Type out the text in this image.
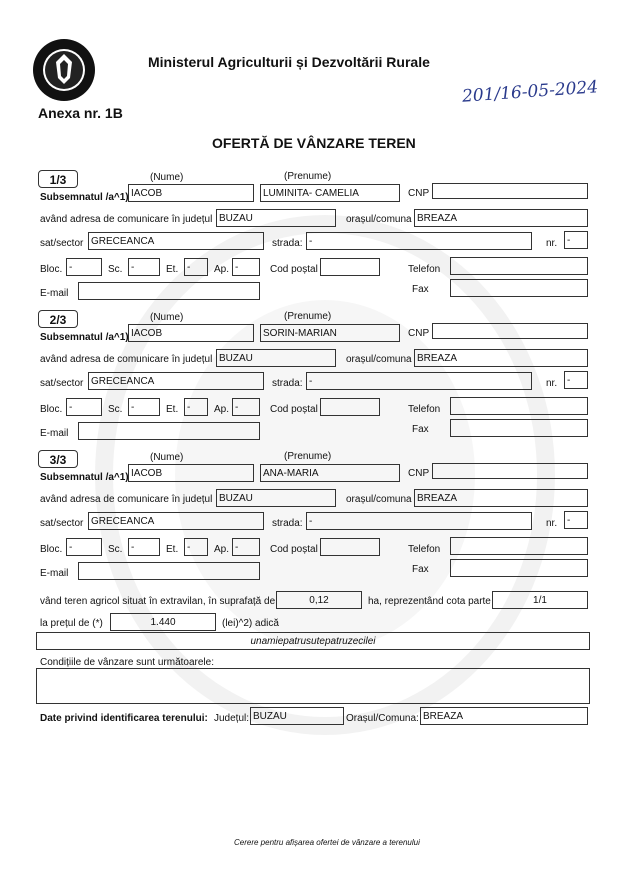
Ministerul Agriculturii și Dezvoltării Rurale
Anexa nr. 1B
201/16-05-2024
OFERTĂ DE VÂNZARE TEREN
1/3	(Nume)	(Prenume)
Subsemnatul /a^1) IACOB	LUMINITA- CAMELIA	CNP
având adresa de comunicare în județul BUZAU	orașul/comuna BREAZA
sat/sector GRECEANCA	strada: -	nr. -
Bloc. -	Sc. -	Et. -	Ap. -	Cod poștal	Telefon
E-mail	Fax
2/3	(Nume)	(Prenume)
Subsemnatul /a^1) IACOB	SORIN-MARIAN	CNP
având adresa de comunicare în județul BUZAU	orașul/comuna BREAZA
sat/sector GRECEANCA	strada: -	nr. -
Bloc. -	Sc. -	Et. -	Ap. -	Cod poștal	Telefon
E-mail	Fax
3/3	(Nume)	(Prenume)
Subsemnatul /a^1) IACOB	ANA-MARIA	CNP
având adresa de comunicare în județul BUZAU	orașul/comuna BREAZA
sat/sector GRECEANCA	strada: -	nr. -
Bloc. -	Sc. -	Et. -	Ap. -	Cod poștal	Telefon
E-mail	Fax
vând teren agricol situat în extravilan, în suprafață de	0,12	ha, reprezentând cota parte	1/1
la prețul de (*)	1.440	(lei)^2) adică
unamiepatrusutepatruzecilei
Condițiile de vânzare sunt următoarele:
Date privind identificarea terenului: Județul: BUZAU	Orașul/Comuna: BREAZA
Cerere pentru afișarea ofertei de vânzare a terenului
